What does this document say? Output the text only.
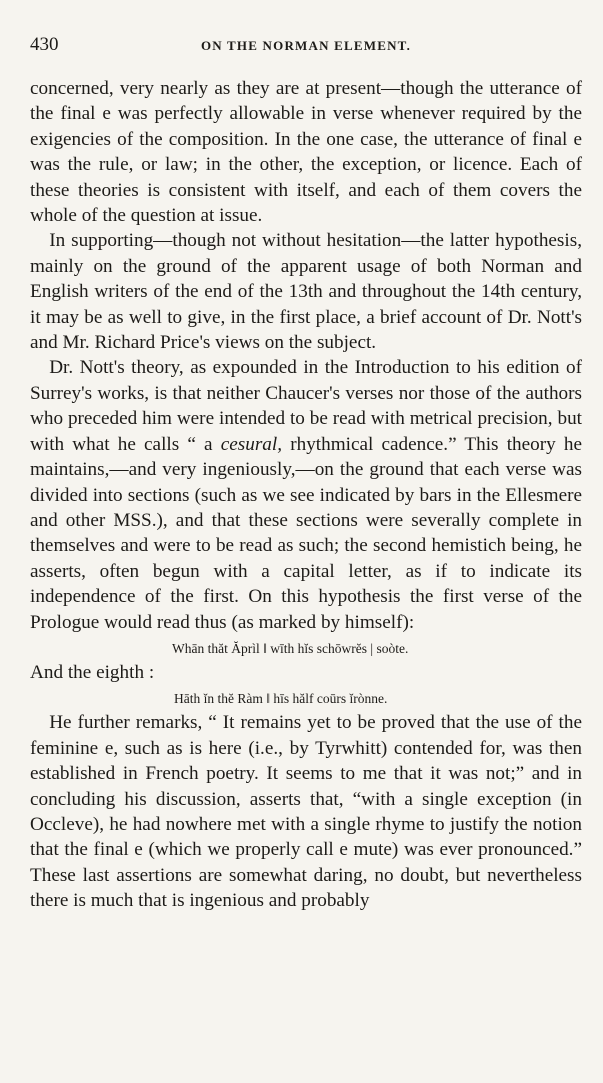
430	ON THE NORMAN ELEMENT.

concerned, very nearly as they are at present—though the utterance of the final e was perfectly allowable in verse whenever required by the exigencies of the composition. In the one case, the utterance of final e was the rule, or law; in the other, the exception, or licence. Each of these theories is consistent with itself, and each of them covers the whole of the question at issue.

In supporting—though not without hesitation—the latter hypothesis, mainly on the ground of the apparent usage of both Norman and English writers of the end of the 13th and throughout the 14th century, it may be as well to give, in the first place, a brief account of Dr. Nott's and Mr. Richard Price's views on the subject.

Dr. Nott's theory, as expounded in the Introduction to his edition of Surrey's works, is that neither Chaucer's verses nor those of the authors who preceded him were intended to be read with metrical precision, but with what he calls “ a cesural, rhythmical cadence.” This theory he maintains,—and very ingeniously,—on the ground that each verse was divided into sections (such as we see indicated by bars in the Ellesmere and other MSS.), and that these sections were severally complete in themselves and were to be read as such; the second hemistich being, he asserts, often begun with a capital letter, as if to indicate its independence of the first. On this hypothesis the first verse of the Prologue would read thus (as marked by himself):

Whān thăt Ăprìl ‖ wīth hĭs schōwrĕs | soòte.

And the eighth :

Hāth ĭn thĕ Ràm ‖ hīs hălf coūrs ĭrònne.

He further remarks, “ It remains yet to be proved that the use of the feminine e, such as is here (i.e., by Tyrwhitt) contended for, was then established in French poetry. It seems to me that it was not;” and in concluding his discussion, asserts that, “with a single exception (in Occleve), he had nowhere met with a single rhyme to justify the notion that the final e (which we properly call e mute) was ever pronounced.” These last assertions are somewhat daring, no doubt, but nevertheless there is much that is ingenious and probably
